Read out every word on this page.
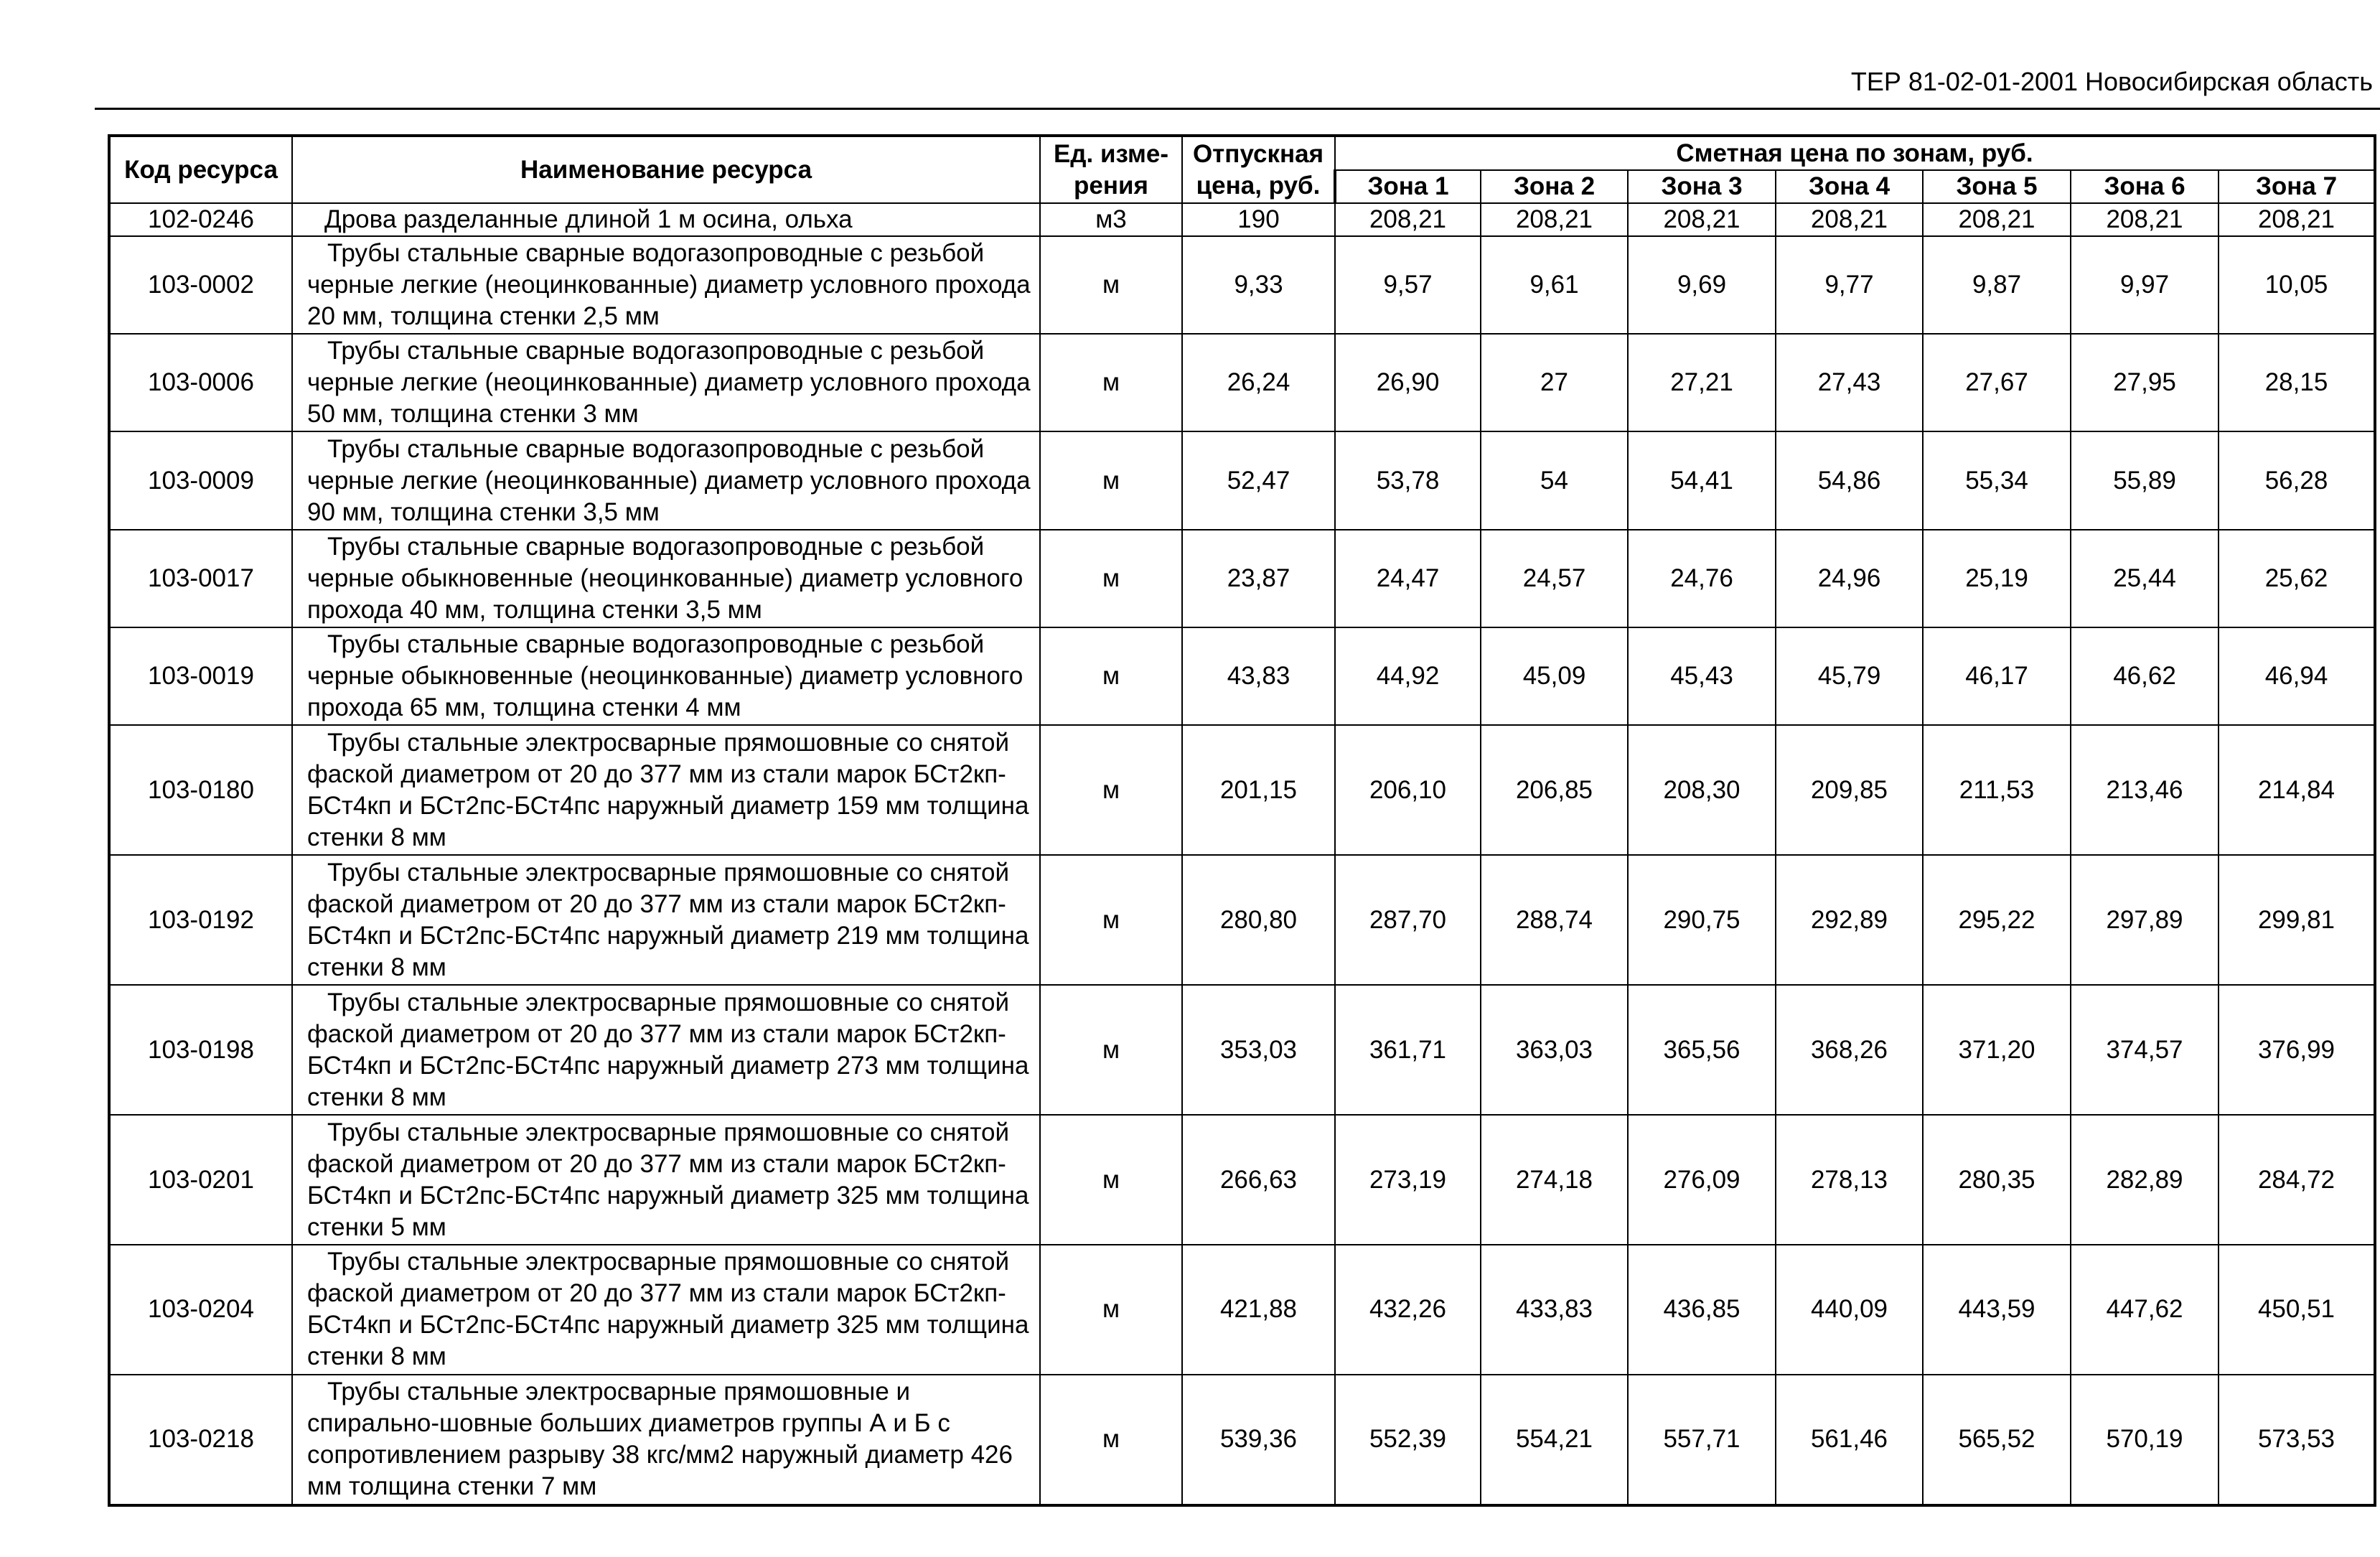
ТЕР 81-02-01-2001 Новосибирская область
Код ресурса	Наименование ресурса	Ед. изме- рения	Отпускная цена, руб.	Сметная цена по зонам, руб.						
				Зона 1	Зона 2	Зона 3	Зона 4	Зона 5	Зона 6	Зона 7
102-0246	Дрова разделанные длиной 1 м осина, ольха	м3	190	208,21	208,21	208,21	208,21	208,21	208,21	208,21
103-0002	Трубы стальные сварные водогазопроводные с резьбой черные легкие (неоцинкованные) диаметр условного прохода 20 мм, толщина стенки 2,5 мм	м	9,33	9,57	9,61	9,69	9,77	9,87	9,97	10,05
103-0006	Трубы стальные сварные водогазопроводные с резьбой черные легкие (неоцинкованные) диаметр условного прохода 50 мм, толщина стенки 3 мм	м	26,24	26,90	27	27,21	27,43	27,67	27,95	28,15
103-0009	Трубы стальные сварные водогазопроводные с резьбой черные легкие (неоцинкованные) диаметр условного прохода 90 мм, толщина стенки 3,5 мм	м	52,47	53,78	54	54,41	54,86	55,34	55,89	56,28
103-0017	Трубы стальные сварные водогазопроводные с резьбой черные обыкновенные (неоцинкованные) диаметр условного прохода 40 мм, толщина стенки 3,5 мм	м	23,87	24,47	24,57	24,76	24,96	25,19	25,44	25,62
103-0019	Трубы стальные сварные водогазопроводные с резьбой черные обыкновенные (неоцинкованные) диаметр условного прохода 65 мм, толщина стенки 4 мм	м	43,83	44,92	45,09	45,43	45,79	46,17	46,62	46,94
103-0180	Трубы стальные электросварные прямошовные со снятой фаской диаметром от 20 до 377 мм из стали марок БСт2кп-БСт4кп и БСт2пс-БСт4пс наружный диаметр 159 мм толщина стенки 8 мм	м	201,15	206,10	206,85	208,30	209,85	211,53	213,46	214,84
103-0192	Трубы стальные электросварные прямошовные со снятой фаской диаметром от 20 до 377 мм из стали марок БСт2кп-БСт4кп и БСт2пс-БСт4пс наружный диаметр 219 мм толщина стенки 8 мм	м	280,80	287,70	288,74	290,75	292,89	295,22	297,89	299,81
103-0198	Трубы стальные электросварные прямошовные со снятой фаской диаметром от 20 до 377 мм из стали марок БСт2кп-БСт4кп и БСт2пс-БСт4пс наружный диаметр 273 мм толщина стенки 8 мм	м	353,03	361,71	363,03	365,56	368,26	371,20	374,57	376,99
103-0201	Трубы стальные электросварные прямошовные со снятой фаской диаметром от 20 до 377 мм из стали марок БСт2кп-БСт4кп и БСт2пс-БСт4пс наружный диаметр 325 мм толщина стенки 5 мм	м	266,63	273,19	274,18	276,09	278,13	280,35	282,89	284,72
103-0204	Трубы стальные электросварные прямошовные со снятой фаской диаметром от 20 до 377 мм из стали марок БСт2кп-БСт4кп и БСт2пс-БСт4пс наружный диаметр 325 мм толщина стенки 8 мм	м	421,88	432,26	433,83	436,85	440,09	443,59	447,62	450,51
103-0218	Трубы стальные электросварные прямошовные и спирально-шовные больших диаметров группы А и Б с сопротивлением разрыву 38 кгс/мм2 наружный диаметр 426 мм толщина стенки 7 мм	м	539,36	552,39	554,21	557,71	561,46	565,52	570,19	573,53
